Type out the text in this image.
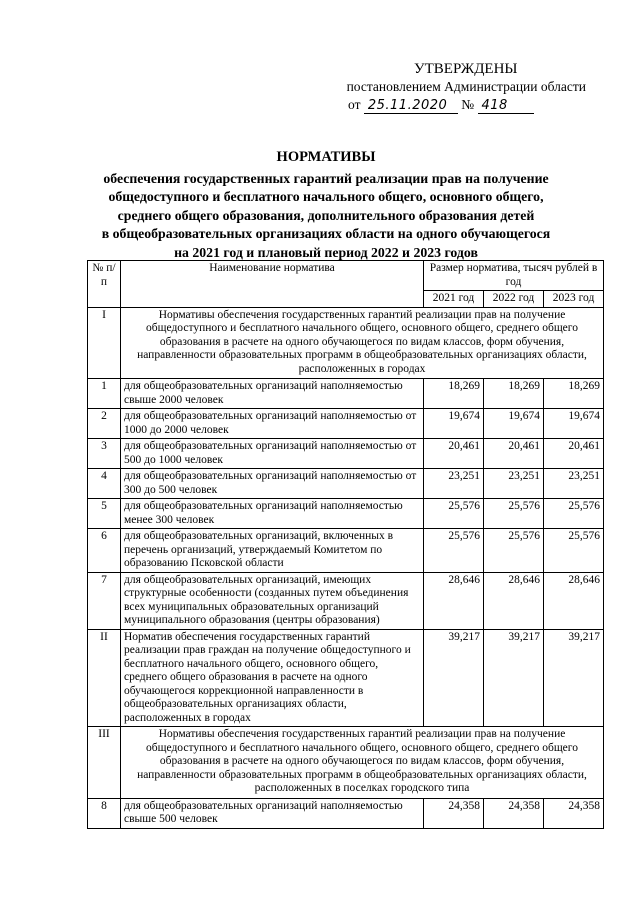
УТВЕРЖДЕНЫ
постановлением Администрации области
от 25.11.2020 № 418
НОРМАТИВЫ
обеспечения государственных гарантий реализации прав на получение
общедоступного и бесплатного начального общего, основного общего,
среднего общего образования, дополнительного образования детей
в общеобразовательных организациях области на одного обучающегося
на 2021 год и плановый период 2022 и 2023 годов
№ п/п	Наименование норматива	Размер норматива, тысяч рублей в год		
		2021 год	2022 год	2023 год
I	Нормативы обеспечения государственных гарантий реализации прав на получение общедоступного и бесплатного начального общего, основного общего, среднего общего образования в расчете на одного обучающегося по видам классов, форм обучения, направленности образовательных программ в общеобразовательных организациях области, расположенных в городах			
1	для общеобразовательных организаций наполняемостью свыше 2000 человек	18,269	18,269	18,269
2	для общеобразовательных организаций наполняемостью от 1000 до 2000 человек	19,674	19,674	19,674
3	для общеобразовательных организаций наполняемостью от 500 до 1000 человек	20,461	20,461	20,461
4	для общеобразовательных организаций наполняемостью от 300 до 500 человек	23,251	23,251	23,251
5	для общеобразовательных организаций наполняемостью менее 300 человек	25,576	25,576	25,576
6	для общеобразовательных организаций, включенных в перечень организаций, утверждаемый Комитетом по образованию Псковской области	25,576	25,576	25,576
7	для общеобразовательных организаций, имеющих структурные особенности (созданных путем объединения всех муниципальных образовательных организаций муниципального образования (центры образования)	28,646	28,646	28,646
II	Норматив обеспечения государственных гарантий реализации прав граждан на получение общедоступного и бесплатного начального общего, основного общего, среднего общего образования в расчете на одного обучающегося коррекционной направленности в общеобразовательных организациях области, расположенных в городах	39,217	39,217	39,217
III	Нормативы обеспечения государственных гарантий реализации прав на получение общедоступного и бесплатного начального общего, основного общего, среднего общего образования в расчете на одного обучающегося по видам классов, форм обучения, направленности образовательных программ в общеобразовательных организациях области, расположенных в поселках городского типа			
8	для общеобразовательных организаций наполняемостью свыше 500 человек	24,358	24,358	24,358
